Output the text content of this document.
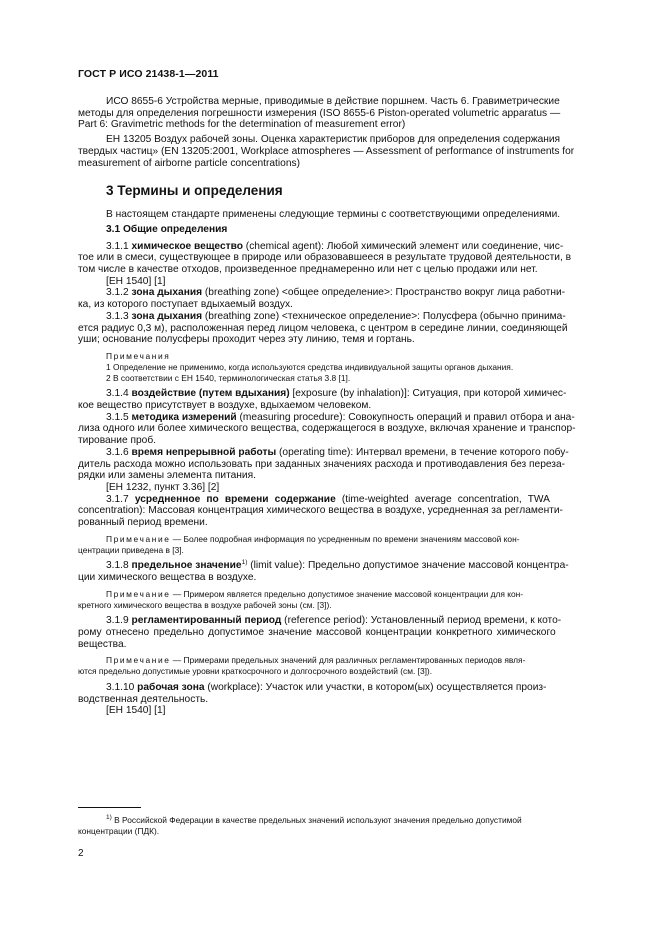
ГОСТ Р ИСО 21438-1—2011
ИСО 8655-6 Устройства мерные, приводимые в действие поршнем. Часть 6. Гравиметрические
методы для определения погрешности измерения (ISO 8655-6 Piston-operated volumetric apparatus —
Part 6: Gravimetric methods for the determination of measurement error)
ЕН 13205 Воздух рабочей зоны. Оценка характеристик приборов для определения содержания
твердых частиц» (EN 13205:2001, Workplace atmospheres — Assessment of performance of instruments for
measurement of airborne particle concentrations)
3 Термины и определения
В настоящем стандарте применены следующие термины с соответствующими определениями.
3.1 Общие определения
3.1.1 химическое вещество (chemical agent): Любой химический элемент или соединение, чис-
тое или в смеси, существующее в природе или образовавшееся в результате трудовой деятельности, в
том числе в качестве отходов, произведенное преднамеренно или нет с целью продажи или нет.
[ЕН 1540] [1]
3.1.2 зона дыхания (breathing zone) <общее определение>: Пространство вокруг лица работни-
ка, из которого поступает вдыхаемый воздух.
3.1.3 зона дыхания (breathing zone) <техническое определение>: Полусфера (обычно принима-
ется радиус 0,3 м), расположенная перед лицом человека, с центром в середине линии, соединяющей
уши; основание полусферы проходит через эту линию, темя и гортань.
Примечания
1 Определение не применимо, когда используются средства индивидуальной защиты органов дыхания.
2 В соответствии с ЕН 1540, терминологическая статья 3.8 [1].
3.1.4 воздействие (путем вдыхания) [exposure (by inhalation)]: Ситуация, при которой химичес-
кое вещество присутствует в воздухе, вдыхаемом человеком.
3.1.5 методика измерений (measuring procedure): Совокупность операций и правил отбора и ана-
лиза одного или более химического вещества, содержащегося в воздухе, включая хранение и транспор-
тирование проб.
3.1.6 время непрерывной работы (operating time): Интервал времени, в течение которого побу-
дитель расхода можно использовать при заданных значениях расхода и противодавления без переза-
рядки или замены элемента питания.
[ЕН 1232, пункт 3.36] [2]
3.1.7 усредненное по времени содержание (time-weighted average concentration, TWA
concentration): Массовая концентрация химического вещества в воздухе, усредненная за регламенти-
рованный период времени.
Примечание — Более подробная информация по усредненным по времени значениям массовой кон-
центрации приведена в [3].
3.1.8 предельное значение$^{1)}$ (limit value): Предельно допустимое значение массовой концентра-
ции химического вещества в воздухе.
Примечание — Примером является предельно допустимое значение массовой концентрации для кон-
кретного химического вещества в воздухе рабочей зоны (см. [3]).
3.1.9 регламентированный период (reference period): Установленный период времени, к кото-
рому отнесено предельно допустимое значение массовой концентрации конкретного химического
вещества.
Примечание — Примерами предельных значений для различных регламентированных периодов явля-
ются предельно допустимые уровни краткосрочного и долгосрочного воздействий (см. [3]).
3.1.10 рабочая зона (workplace): Участок или участки, в котором(ых) осуществляется произ-
водственная деятельность.
[ЕН 1540] [1]
$^{1)}$ В Российской Федерации в качестве предельных значений используют значения предельно допустимой
концентрации (ПДК).
2
